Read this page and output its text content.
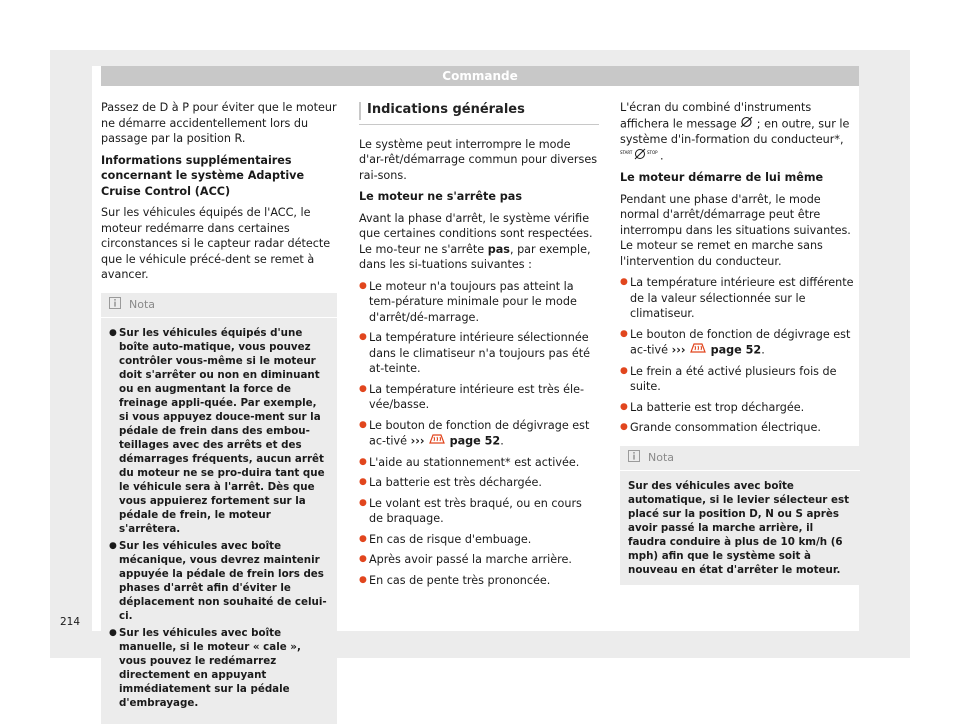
Commande

Passez de D à P pour éviter que le moteur ne démarre accidentellement lors du passage par la position R.

Informations supplémentaires concernant le système Adaptive Cruise Control (ACC)

Sur les véhicules équipés de l'ACC, le moteur redémarre dans certaines circonstances si le capteur radar détecte que le véhicule précé-dent se remet à avancer.

Nota
● Sur les véhicules équipés d'une boîte auto-matique, vous pouvez contrôler vous-même si le moteur doit s'arrêter ou non en diminuant ou en augmentant la force de freinage appli-quée. Par exemple, si vous appuyez douce-ment sur la pédale de frein dans des embou-teillages avec des arrêts et des démarrages fréquents, aucun arrêt du moteur ne se pro-duira tant que le véhicule sera à l'arrêt. Dès que vous appuierez fortement sur la pédale de frein, le moteur s'arrêtera.
● Sur les véhicules avec boîte mécanique, vous devrez maintenir appuyée la pédale de frein lors des phases d'arrêt afin d'éviter le déplacement non souhaité de celui-ci.
● Sur les véhicules avec boîte manuelle, si le moteur « cale », vous pouvez le redémarrez directement en appuyant immédiatement sur la pédale d'embrayage.
Indications générales

Le système peut interrompre le mode d'ar-rêt/démarrage commun pour diverses rai-sons.

Le moteur ne s'arrête pas

Avant la phase d'arrêt, le système vérifie que certaines conditions sont respectées. Le mo-teur ne s'arrête pas, par exemple, dans les si-tuations suivantes :

● Le moteur n'a toujours pas atteint la tem-pérature minimale pour le mode d'arrêt/dé-marrage.
● La température intérieure sélectionnée dans le climatiseur n'a toujours pas été at-teinte.
● La température intérieure est très éle-vée/basse.
● Le bouton de fonction de dégivrage est ac-tivé ››› page 52.
● L'aide au stationnement* est activée.
● La batterie est très déchargée.
● Le volant est très braqué, ou en cours de braquage.
● En cas de risque d'embuage.
● Après avoir passé la marche arrière.
● En cas de pente très prononcée.

L'écran du combiné d'instruments affichera le message ; en outre, sur le système d'in-formation du conducteur*,
START	STOP .

Le moteur démarre de lui même

Pendant une phase d'arrêt, le mode normal d'arrêt/démarrage peut être interrompu dans les situations suivantes. Le moteur se remet en marche sans l'intervention du conducteur.

● La température intérieure est différente de la valeur sélectionnée sur le climatiseur.
● Le bouton de fonction de dégivrage est ac-tivé ››› page 52.
● Le frein a été activé plusieurs fois de suite.
● La batterie est trop déchargée.
● Grande consommation électrique.
Nota
Sur des véhicules avec boîte automatique, si le levier sélecteur est placé sur la position D, N ou S après avoir passé la marche arrière, il faudra conduire à plus de 10 km/h (6 mph) afin que le système soit à nouveau en état d'arrêter le moteur.
214
